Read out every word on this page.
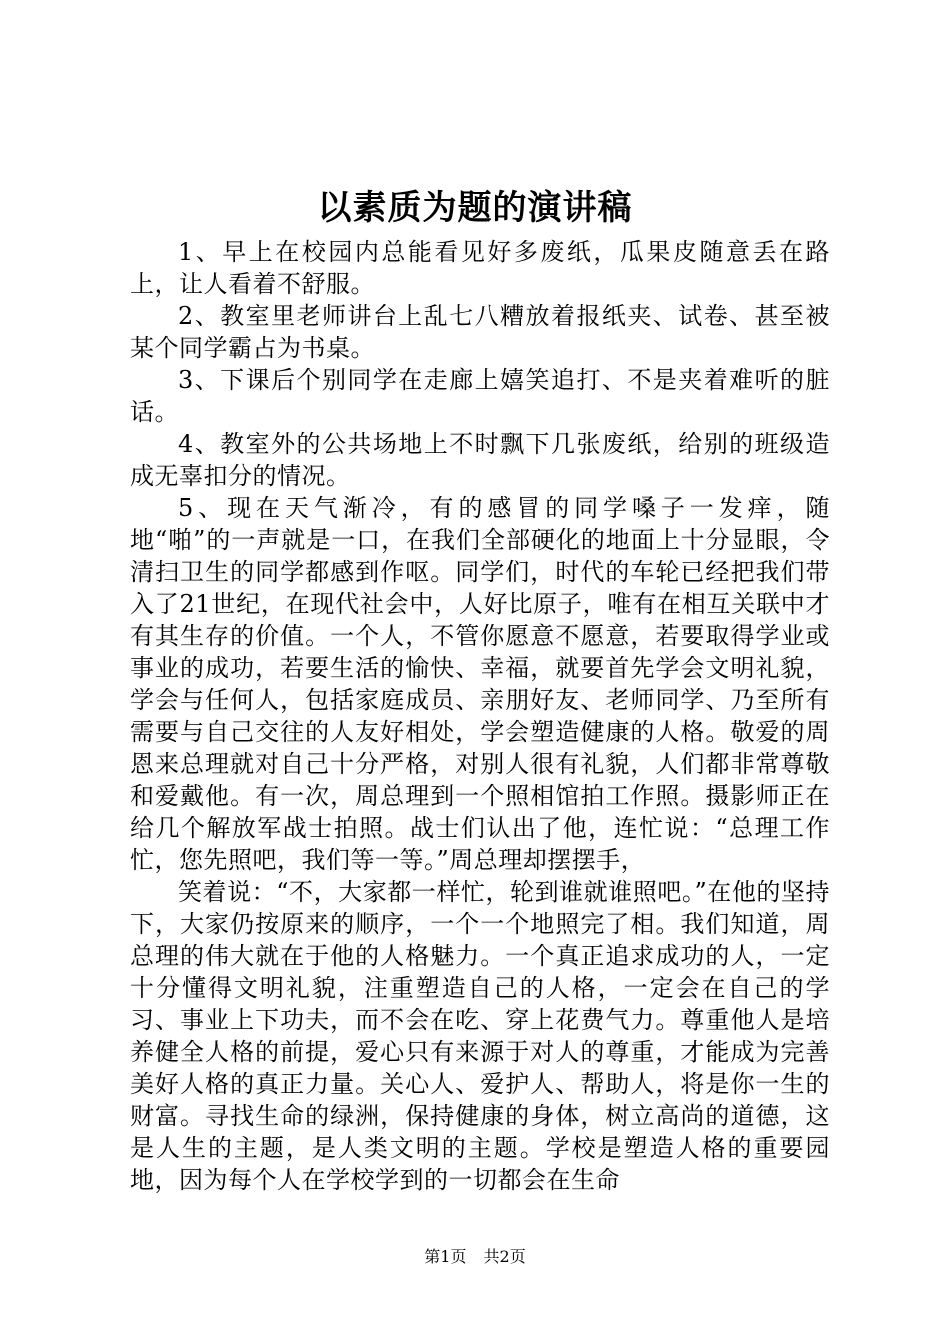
以素质为题的演讲稿

1、早上在校园内总能看见好多废纸，瓜果皮随意丢在路上，让人看着不舒服。

2、教室里老师讲台上乱七八糟放着报纸夹、试卷、甚至被某个同学霸占为书桌。

3、下课后个别同学在走廊上嬉笑追打、不是夹着难听的脏话。

4、教室外的公共场地上不时飘下几张废纸，给别的班级造成无辜扣分的情况。

5、现在天气渐冷，有的感冒的同学嗓子一发痒，随地“啪”的一声就是一口，在我们全部硬化的地面上十分显眼，令清扫卫生的同学都感到作呕。同学们，时代的车轮已经把我们带入了21世纪，在现代社会中，人好比原子，唯有在相互关联中才有其生存的价值。一个人，不管你愿意不愿意，若要取得学业或事业的成功，若要生活的愉快、幸福，就要首先学会文明礼貌，学会与任何人，包括家庭成员、亲朋好友、老师同学、乃至所有需要与自己交往的人友好相处，学会塑造健康的人格。敬爱的周恩来总理就对自己十分严格，对别人很有礼貌，人们都非常尊敬和爱戴他。有一次，周总理到一个照相馆拍工作照。摄影师正在给几个解放军战士拍照。战士们认出了他，连忙说：“总理工作忙，您先照吧，我们等一等。”周总理却摆摆手，

笑着说：“不，大家都一样忙，轮到谁就谁照吧。”在他的坚持下，大家仍按原来的顺序，一个一个地照完了相。我们知道，周总理的伟大就在于他的人格魅力。一个真正追求成功的人，一定十分懂得文明礼貌，注重塑造自己的人格，一定会在自己的学习、事业上下功夫，而不会在吃、穿上花费气力。尊重他人是培养健全人格的前提，爱心只有来源于对人的尊重，才能成为完善美好人格的真正力量。关心人、爱护人、帮助人，将是你一生的财富。寻找生命的绿洲，保持健康的身体，树立高尚的道德，这是人生的主题，是人类文明的主题。学校是塑造人格的重要园地，因为每个人在学校学到的一切都会在生命

第1页 共2页
